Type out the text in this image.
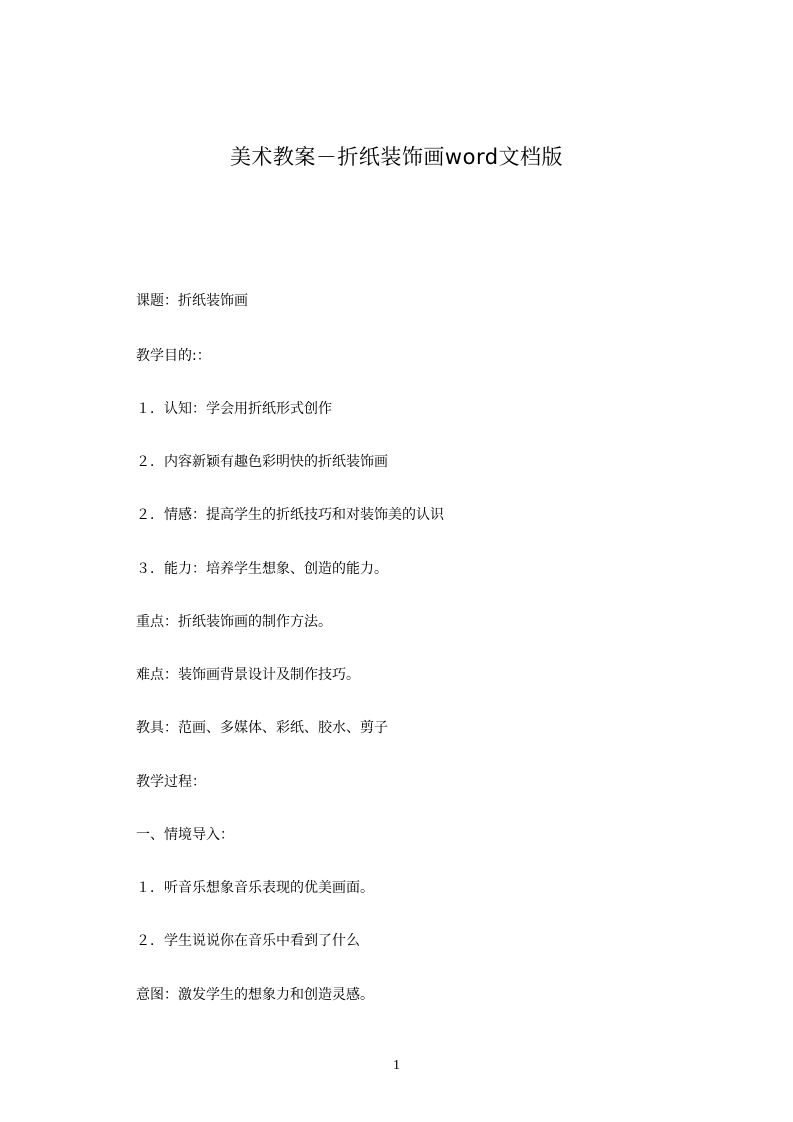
美术教案－折纸装饰画word文档版

课题：折纸装饰画

教学目的:：

１．认知：学会用折纸形式创作

２．内容新颖有趣色彩明快的折纸装饰画

２．情感：提高学生的折纸技巧和对装饰美的认识

３．能力：培养学生想象、创造的能力。

重点：折纸装饰画的制作方法。

难点：装饰画背景设计及制作技巧。

教具：范画、多媒体、彩纸、胶水、剪子

教学过程：

一、情境导入：

１．听音乐想象音乐表现的优美画面。

２．学生说说你在音乐中看到了什么

意图：激发学生的想象力和创造灵感。

1
